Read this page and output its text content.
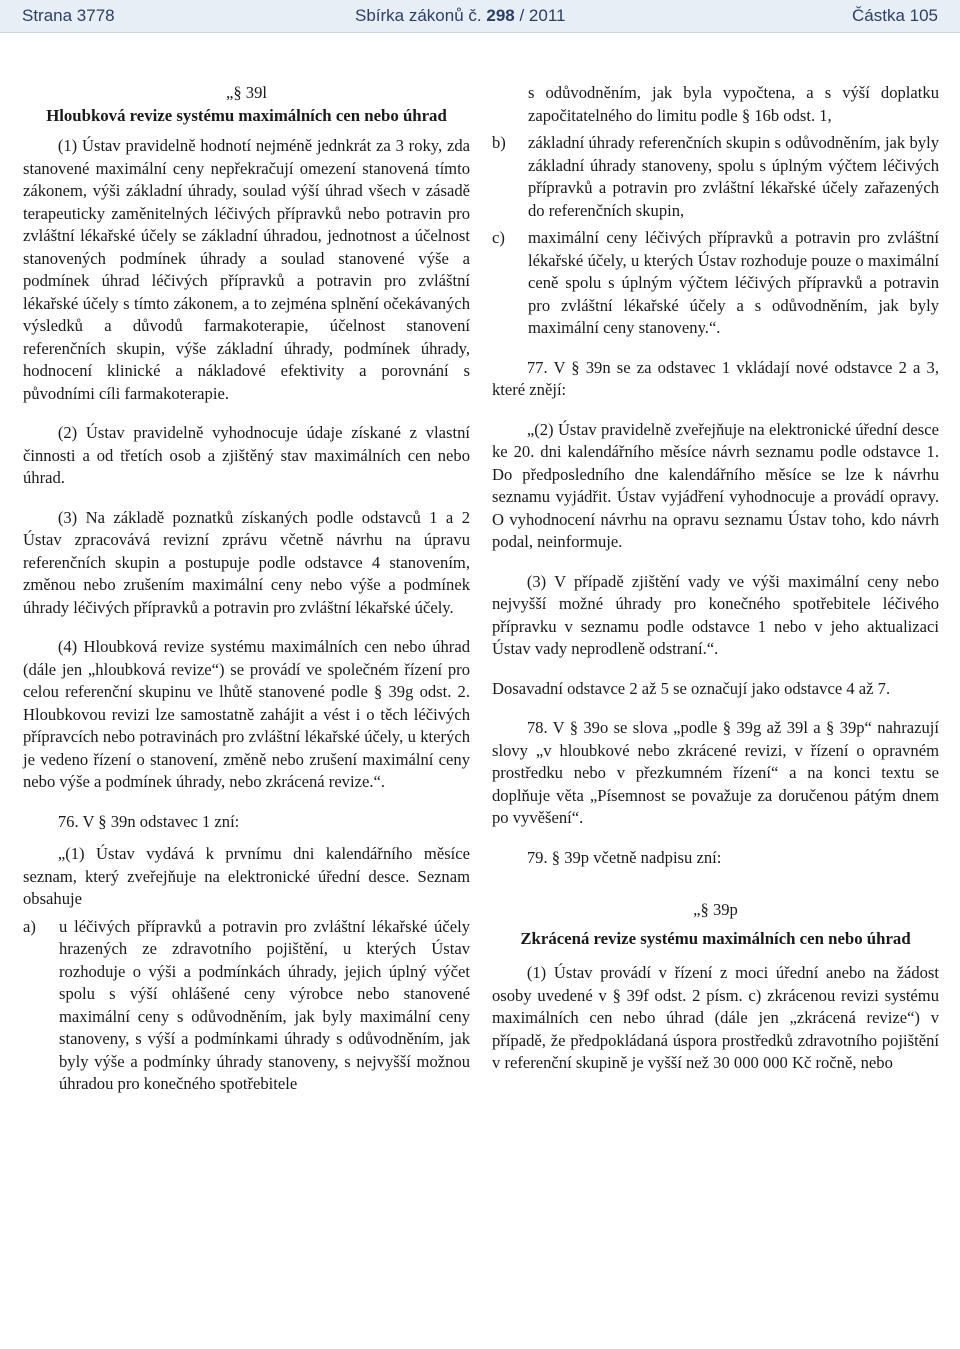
Strana 3778	Sbírka zákonů č. 298 / 2011	Částka 105

„§ 39l

Hloubková revize systému maximálních cen nebo úhrad

(1) Ústav pravidelně hodnotí nejméně jednkrát za 3 roky, zda stanovené maximální ceny nepřekračují omezení stanovená tímto zákonem, výši základní úhrady, soulad výší úhrad všech v zásadě terapeuticky zaměnitelných léčivých přípravků nebo potravin pro zvláštní lékařské účely se základní úhradou, jednotnost a účelnost stanovených podmínek úhrady a soulad stanovené výše a podmínek úhrad léčivých přípravků a potravin pro zvláštní lékařské účely s tímto zákonem, a to zejména splnění očekávaných výsledků a důvodů farmakoterapie, účelnost stanovení referenčních skupin, výše základní úhrady, podmínek úhrady, hodnocení klinické a nákladové efektivity a porovnání s původními cíli farmakoterapie.

(2) Ústav pravidelně vyhodnocuje údaje získané z vlastní činnosti a od třetích osob a zjištěný stav maximálních cen nebo úhrad.

(3) Na základě poznatků získaných podle odstavců 1 a 2 Ústav zpracovává revizní zprávu včetně návrhu na úpravu referenčních skupin a postupuje podle odstavce 4 stanovením, změnou nebo zrušením maximální ceny nebo výše a podmínek úhrady léčivých přípravků a potravin pro zvláštní lékařské účely.

(4) Hloubková revize systému maximálních cen nebo úhrad (dále jen „hloubková revize“) se provádí ve společném řízení pro celou referenční skupinu ve lhůtě stanovené podle § 39g odst. 2. Hloubkovou revizi lze samostatně zahájit a vést i o těch léčivých přípravcích nebo potravinách pro zvláštní lékařské účely, u kterých je vedeno řízení o stanovení, změně nebo zrušení maximální ceny nebo výše a podmínek úhrady, nebo zkrácená revize.“.

76. V § 39n odstavec 1 zní:

„(1) Ústav vydává k prvnímu dni kalendářního měsíce seznam, který zveřejňuje na elektronické úřední desce. Seznam obsahuje

a)	u léčivých přípravků a potravin pro zvláštní lékařské účely hrazených ze zdravotního pojištění, u kterých Ústav rozhoduje o výši a podmínkách úhrady, jejich úplný výčet spolu s výší ohlášené ceny výrobce nebo stanovené maximální ceny s odůvodněním, jak byly maximální ceny stanoveny, s výší a podmínkami úhrady s odůvodněním, jak byly výše a podmínky úhrady stanoveny, s nejvyšší možnou úhradou pro konečného spotřebitele
s odůvodněním, jak byla vypočtena, a s výší doplatku započitatelného do limitu podle § 16b odst. 1,
b)	základní úhrady referenčních skupin s odůvodněním, jak byly základní úhrady stanoveny, spolu s úplným výčtem léčivých přípravků a potravin pro zvláštní lékařské účely zařazených do referenčních skupin,
c)	maximální ceny léčivých přípravků a potravin pro zvláštní lékařské účely, u kterých Ústav rozhoduje pouze o maximální ceně spolu s úplným výčtem léčivých přípravků a potravin pro zvláštní lékařské účely a s odůvodněním, jak byly maximální ceny stanoveny.“.

77. V § 39n se za odstavec 1 vkládají nové odstavce 2 a 3, které znějí:

„(2) Ústav pravidelně zveřejňuje na elektronické úřední desce ke 20. dni kalendářního měsíce návrh seznamu podle odstavce 1. Do předposledního dne kalendářního měsíce se lze k návrhu seznamu vyjádřit. Ústav vyjádření vyhodnocuje a provádí opravy. O vyhodnocení návrhu na opravu seznamu Ústav toho, kdo návrh podal, neinformuje.

(3) V případě zjištění vady ve výši maximální ceny nebo nejvyšší možné úhrady pro konečného spotřebitele léčivého přípravku v seznamu podle odstavce 1 nebo v jeho aktualizaci Ústav vady neprodleně odstraní.“.

Dosavadní odstavce 2 až 5 se označují jako odstavce 4 až 7.

78. V § 39o se slova „podle § 39g až 39l a § 39p“ nahrazují slovy „v hloubkové nebo zkrácené revizi, v řízení o opravném prostředku nebo v přezkumném řízení“ a na konci textu se doplňuje věta „Písemnost se považuje za doručenou pátým dnem po vyvěšení“.

79. § 39p včetně nadpisu zní:

„§ 39p

Zkrácená revize systému maximálních cen nebo úhrad

(1) Ústav provádí v řízení z moci úřední anebo na žádost osoby uvedené v § 39f odst. 2 písm. c) zkrácenou revizi systému maximálních cen nebo úhrad (dále jen „zkrácená revize“) v případě, že předpokládaná úspora prostředků zdravotního pojištění v referenční skupině je vyšší než 30 000 000 Kč ročně, nebo
